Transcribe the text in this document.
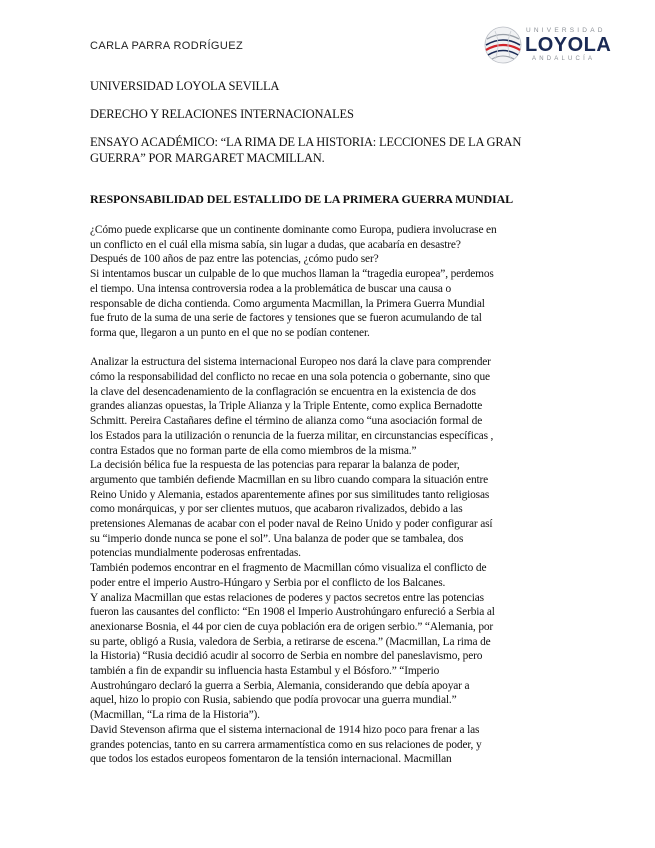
CARLA PARRA RODRÍGUEZ
UNIVERSIDAD
LOYOLA
ANDALUCÍA
UNIVERSIDAD LOYOLA SEVILLA
DERECHO Y RELACIONES INTERNACIONALES
ENSAYO ACADÉMICO: “LA RIMA DE LA HISTORIA: LECCIONES DE LA GRAN
GUERRA” POR MARGARET MACMILLAN.
RESPONSABILIDAD DEL ESTALLIDO DE LA PRIMERA GUERRA MUNDIAL

¿Cómo puede explicarse que un continente dominante como Europa, pudiera involucrase en

un conflicto en el cuál ella misma sabía, sin lugar a dudas, que acabaría en desastre?

Después de 100 años de paz entre las potencias, ¿cómo pudo ser?

Si intentamos buscar un culpable de lo que muchos llaman la “tragedia europea”, perdemos

el tiempo. Una intensa controversia rodea a la problemática de buscar una causa o

responsable de dicha contienda. Como argumenta Macmillan, la Primera Guerra Mundial

fue fruto de la suma de una serie de factores y tensiones que se fueron acumulando de tal

forma que, llegaron a un punto en el que no se podían contener.

Analizar la estructura del sistema internacional Europeo nos dará la clave para comprender

cómo la responsabilidad del conflicto no recae en una sola potencia o gobernante, sino que

la clave del desencadenamiento de la conflagración se encuentra en la existencia de dos

grandes alianzas opuestas, la Triple Alianza y la Triple Entente, como explica Bernadotte

Schmitt. Pereira Castañares define el término de alianza como “una asociación formal de

los Estados para la utilización o renuncia de la fuerza militar, en circunstancias específicas ,

contra Estados que no forman parte de ella como miembros de la misma.”

La decisión bélica fue la respuesta de las potencias para reparar la balanza de poder,

argumento que también defiende Macmillan en su libro cuando compara la situación entre

Reino Unido y Alemania, estados aparentemente afines por sus similitudes tanto religiosas

como monárquicas, y por ser clientes mutuos, que acabaron rivalizados, debido a las

pretensiones Alemanas de acabar con el poder naval de Reino Unido y poder configurar así

su “imperio donde nunca se pone el sol”. Una balanza de poder que se tambalea, dos

potencias mundialmente poderosas enfrentadas.

También podemos encontrar en el fragmento de Macmillan cómo visualiza el conflicto de

poder entre el imperio Austro-Húngaro y Serbia por el conflicto de los Balcanes.

Y analiza Macmillan que estas relaciones de poderes y pactos secretos entre las potencias

fueron las causantes del conflicto: “En 1908 el Imperio Austrohúngaro enfureció a Serbia al

anexionarse Bosnia, el 44 por cien de cuya población era de origen serbio.” “Alemania, por

su parte, obligó a Rusia, valedora de Serbia, a retirarse de escena.” (Macmillan, La rima de

la Historia) “Rusia decidió acudir al socorro de Serbia en nombre del paneslavismo, pero

también a fin de expandir su influencia hasta Estambul y el Bósforo.” “Imperio

Austrohúngaro declaró la guerra a Serbia, Alemania, considerando que debía apoyar a

aquel, hizo lo propio con Rusia, sabiendo que podía provocar una guerra mundial.”

(Macmillan, “La rima de la Historia”).

David Stevenson afirma que el sistema internacional de 1914 hizo poco para frenar a las

grandes potencias, tanto en su carrera armamentística como en sus relaciones de poder, y

que todos los estados europeos fomentaron de la tensión internacional. Macmillan
